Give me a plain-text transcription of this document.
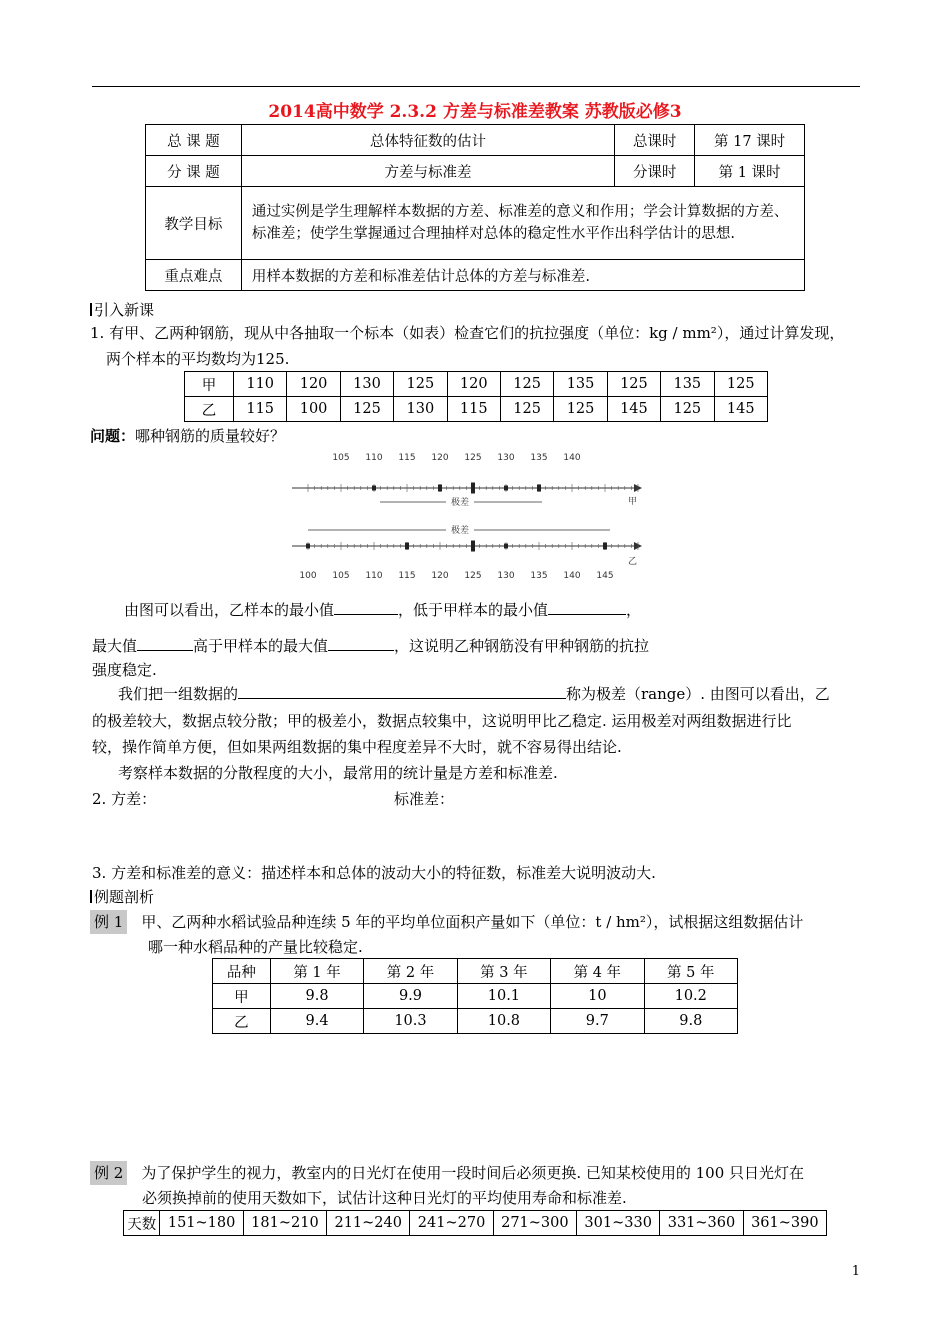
2014高中数学 2.3.2 方差与标准差教案 苏教版必修3
总 课 题	总体特征数的估计	总课时	第 17 课时
分 课 题	方差与标准差	分课时	第 1 课时
教学目标	通过实例是学生理解样本数据的方差、标准差的意义和作用；学会计算数据的方差、标准差；使学生掌握通过合理抽样对总体的稳定性水平作出科学估计的思想.		
重点难点	用样本数据的方差和标准差估计总体的方差与标准差.		
引入新课
1. 有甲、乙两种钢筋，现从中各抽取一个标本（如表）检查它们的抗拉强度（单位：kg / mm²），通过计算发现，
两个样本的平均数均为125.
甲	110	120	130	125	120	125	135	125	135	125
乙	115	100	125	130	115	125	125	145	125	145
问题：哪种钢筋的质量较好？
105 110 115 120 125 130 135 140
极差	甲
极差
乙
100 105 110 115 120 125 130 135 140 145
由图可以看出，乙样本的最小值	，低于甲样本的最小值	，
最大值	高于甲样本的最大值	，这说明乙种钢筋没有甲种钢筋的抗拉
强度稳定.
我们把一组数据的	称为极差（range）. 由图可以看出，乙
的极差较大，数据点较分散；甲的极差小，数据点较集中，这说明甲比乙稳定. 运用极差对两组数据进行比
较，操作简单方便，但如果两组数据的集中程度差异不大时，就不容易得出结论.
考察样本数据的分散程度的大小，最常用的统计量是方差和标准差.
2. 方差：	标准差：
3. 方差和标准差的意义：描述样本和总体的波动大小的特征数，标准差大说明波动大.
例题剖析
例 1 甲、乙两种水稻试验品种连续 5 年的平均单位面积产量如下（单位：t / hm²），试根据这组数据估计
哪一种水稻品种的产量比较稳定.
品种	第 1 年	第 2 年	第 3 年	第 4 年	第 5 年
甲	9.8	9.9	10.1	10	10.2
乙	9.4	10.3	10.8	9.7	9.8
例 2 为了保护学生的视力，教室内的日光灯在使用一段时间后必须更换. 已知某校使用的 100 只日光灯在
必须换掉前的使用天数如下，试估计这种日光灯的平均使用寿命和标准差.
天数	151~180	181~210	211~240	241~270	271~300	301~330	331~360	361~390
1
